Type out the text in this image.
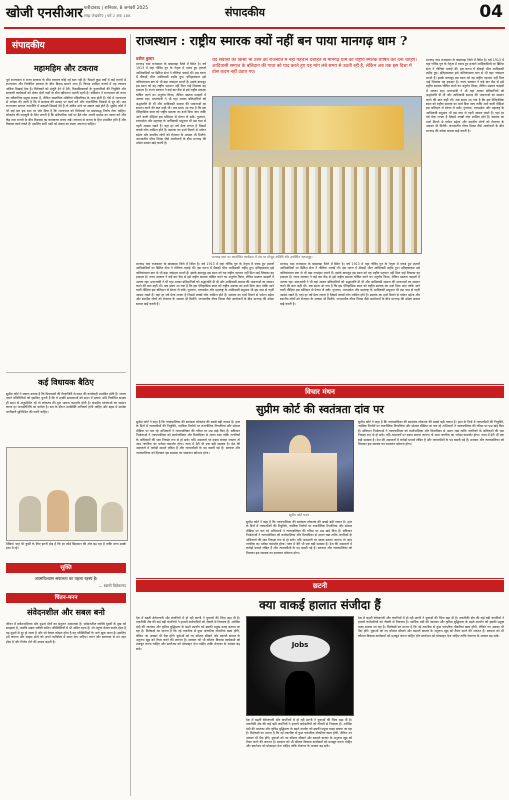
खोजी एनसीआर फरीदाबाद | शनिवार, 8 जनवरी 2025
सांझ लेखकीय | वर्ष 2 अंक 188	संपादकीय	04
संपादकीय
महामहिम और टकराव
पूर्व राज्यपाल व राज्य सरकार के बीच टकराव कोई नई बात नहीं है। पिछले कुछ वर्षों में कई राज्यों में राज्यपाल और निर्वाचित सरकार के बीच विवाद सामने आए हैं। विपक्ष शासित राज्यों में यह टकराव अधिक दिखाई देता है। विधेयकों को मंजूरी देने में देरी, विश्वविद्यालयों के कुलपतियों की नियुक्ति और सरकारी कार्यक्रमों को लेकर दोनों पक्षों के बीच खींचतान चलती रहती है। संविधान ने राज्यपाल को राज्य का संवैधानिक प्रमुख बनाया है, लेकिन वास्तविक शक्तियां मंत्रिपरिषद के पास होती हैं। ऐसे में राज्यपाल से अपेक्षा की जाती है कि वे सरकार की सलाह पर कार्य करें और राजनीतिक विवादों से दूर रहें। जब राज्यपाल दलगत राजनीति में उलझते दिखाई देते हैं तो संघीय ढांचे पर सवाल खड़े होते हैं। सुप्रीम कोर्ट ने भी कई बार इस बात पर जोर दिया है कि राज्यपाल को विधेयकों पर समयबद्ध निर्णय लेना चाहिए। लोकतंत्र की मजबूती के लिए जरूरी है कि संवैधानिक पदों पर बैठे लोग अपनी मर्यादा का पालन करें और केंद्र तथा राज्यों के बीच विश्वास का वातावरण बनाए रखें। टकराव से जनता के हित प्रभावित होते हैं और विकास कार्य रुकते हैं। इसलिए सभी पक्षों को संवाद का रास्ता अपनाना चाहिए।
कई विधायक बैठिए
सुप्रीम कोर्ट ने सवाल उठाया है कि विधायकों की गैरहाजिरी से सदन की कार्यवाही प्रभावित होती है। जनता अपने प्रतिनिधियों को इसलिए चुनती है कि वे उनकी समस्याओं को सदन में उठाएं। यदि निर्वाचित सदस्य ही सदन से अनुपस्थित रहें तो लोकतंत्र की मूल भावना कमजोर होती है। संसदीय परंपराओं का सम्मान करना हर जनप्रतिनिधि का कर्तव्य है। सत्र के दौरान उपस्थिति अनिवार्य होनी चाहिए और बहस में सार्थक भागीदारी सुनिश्चित की जानी चाहिए।
देखिए! यहां भी कुर्सी के लिए इतनी होड़ है कि हर कोई सिंहासन की ओर बढ़ रहा है ताकि सत्ता उसके हाथ में रहे।
सूक्ति
आत्मविश्वास सफलता का पहला रहस्य है।
— स्वामी विवेकानंद
चिंतन-मनन
संवेदनशील और सबल बनो
जीवन में संवेदनशीलता और दृढ़ता दोनों का संतुलन आवश्यक है। संवेदनशील व्यक्ति दूसरों के दुख को समझता है, जबकि सबल व्यक्ति कठिन परिस्थितियों में भी अडिग रहता है। जो मनुष्य केवल कठोर होता है वह दूसरों से दूर हो जाता है और जो केवल कोमल होता है वह परिस्थितियों के आगे झुक जाता है। इसलिए हमें करुणा और साहस दोनों को अपने व्यक्तित्व में स्थान देना चाहिए। ध्यान और स्वाध्याय से मन शांत होता है और निर्णय लेने की क्षमता बढ़ती है।
राजस्थान : राष्ट्रीय स्मारक क्यों नहीं बन पाया मानगढ़ धाम ?
प्रवीण कुमार
मानगढ़ धाम राजस्थान के बांसवाड़ा जिले में स्थित है। वर्ष 1913 में यहां गोविंद गुरु के नेतृत्व में एकत्र हुए हजारों आदिवासियों पर ब्रिटिश सेना ने गोलियां चलाई थीं। इस घटना में सैकड़ों भील आदिवासी शहीद हुए। इतिहासकार इसे जलियांवाला बाग से भी बड़ा नरसंहार मानते हैं। इसके बावजूद इस स्थल को वह राष्ट्रीय पहचान नहीं मिल पाई जिसका वह हकदार है। राज्य सरकार ने कई बार केंद्र से इसे राष्ट्रीय स्मारक घोषित करने का अनुरोध किया, लेकिन प्रस्ताव फाइलों में अटका रहा। प्रधानमंत्री ने भी यहां आकर बलिदानियों को श्रद्धांजलि दी थी और आदिवासी समाज की भावनाओं का सम्मान करने की बात कही थी। अब समय आ गया है कि इस ऐतिहासिक स्थल को राष्ट्रीय स्मारक का दर्जा दिया जाए ताकि आने वाली पीढ़ियां इस बलिदान से प्रेरणा ले सकें। गुजरात, मध्यप्रदेश और महाराष्ट्र के आदिवासी समुदाय भी इस धाम से गहरी आस्था रखते हैं। यहां हर वर्ष मेला लगता है जिसमें लाखों लोग शामिल होते हैं। स्मारक का दर्जा मिलने से पर्यटन बढ़ेगा और स्थानीय लोगों को रोजगार के अवसर भी मिलेंगे। जनजातीय गौरव दिवस जैसे आयोजनों के बीच मानगढ़ की उपेक्षा सवाल खड़े करती है।
चंद सवालों का किसी भी उत्तर की राजनीति में नहीं पहचान देशहित से मानगढ़ धाम को राष्ट्रीय स्मारक घोषित कर देना चाहिए। आदिवासी समाज के बलिदान की गाथा को याद करते हुए यह मांग लंबे समय से उठती रही है, लेकिन अब तक इस दिशा में ठोस कदम नहीं उठाए गए।
मानगढ़ धाम पर आयोजित कार्यक्रम में मंच पर मौजूद अतिथि और उपस्थित जनसमूह।
मानगढ़ धाम राजस्थान के बांसवाड़ा जिले में स्थित है। वर्ष 1913 में यहां गोविंद गुरु के नेतृत्व में एकत्र हुए हजारों आदिवासियों पर ब्रिटिश सेना ने गोलियां चलाई थीं। इस घटना में सैकड़ों भील आदिवासी शहीद हुए। इतिहासकार इसे जलियांवाला बाग से भी बड़ा नरसंहार मानते हैं। इसके बावजूद इस स्थल को वह राष्ट्रीय पहचान नहीं मिल पाई जिसका वह हकदार है। राज्य सरकार ने कई बार केंद्र से इसे राष्ट्रीय स्मारक घोषित करने का अनुरोध किया, लेकिन प्रस्ताव फाइलों में अटका रहा। प्रधानमंत्री ने भी यहां आकर बलिदानियों को श्रद्धांजलि दी थी और आदिवासी समाज की भावनाओं का सम्मान करने की बात कही थी। अब समय आ गया है कि इस ऐतिहासिक स्थल को राष्ट्रीय स्मारक का दर्जा दिया जाए ताकि आने वाली पीढ़ियां इस बलिदान से प्रेरणा ले सकें। गुजरात, मध्यप्रदेश और महाराष्ट्र के आदिवासी समुदाय भी इस धाम से गहरी आस्था रखते हैं। यहां हर वर्ष मेला लगता है जिसमें लाखों लोग शामिल होते हैं। स्मारक का दर्जा मिलने से पर्यटन बढ़ेगा और स्थानीय लोगों को रोजगार के अवसर भी मिलेंगे। जनजातीय गौरव दिवस जैसे आयोजनों के बीच मानगढ़ की उपेक्षा सवाल खड़े करती है।
मानगढ़ धाम राजस्थान के बांसवाड़ा जिले में स्थित है। वर्ष 1913 में यहां गोविंद गुरु के नेतृत्व में एकत्र हुए हजारों आदिवासियों पर ब्रिटिश सेना ने गोलियां चलाई थीं। इस घटना में सैकड़ों भील आदिवासी शहीद हुए। इतिहासकार इसे जलियांवाला बाग से भी बड़ा नरसंहार मानते हैं। इसके बावजूद इस स्थल को वह राष्ट्रीय पहचान नहीं मिल पाई जिसका वह हकदार है। राज्य सरकार ने कई बार केंद्र से इसे राष्ट्रीय स्मारक घोषित करने का अनुरोध किया, लेकिन प्रस्ताव फाइलों में अटका रहा। प्रधानमंत्री ने भी यहां आकर बलिदानियों को श्रद्धांजलि दी थी और आदिवासी समाज की भावनाओं का सम्मान करने की बात कही थी। अब समय आ गया है कि इस ऐतिहासिक स्थल को राष्ट्रीय स्मारक का दर्जा दिया जाए ताकि आने वाली पीढ़ियां इस बलिदान से प्रेरणा ले सकें। गुजरात, मध्यप्रदेश और महाराष्ट्र के आदिवासी समुदाय भी इस धाम से गहरी आस्था रखते हैं। यहां हर वर्ष मेला लगता है जिसमें लाखों लोग शामिल होते हैं। स्मारक का दर्जा मिलने से पर्यटन बढ़ेगा और स्थानीय लोगों को रोजगार के अवसर भी मिलेंगे। जनजातीय गौरव दिवस जैसे आयोजनों के बीच मानगढ़ की उपेक्षा सवाल खड़े करती है।
मानगढ़ धाम राजस्थान के बांसवाड़ा जिले में स्थित है। वर्ष 1913 में यहां गोविंद गुरु के नेतृत्व में एकत्र हुए हजारों आदिवासियों पर ब्रिटिश सेना ने गोलियां चलाई थीं। इस घटना में सैकड़ों भील आदिवासी शहीद हुए। इतिहासकार इसे जलियांवाला बाग से भी बड़ा नरसंहार मानते हैं। इसके बावजूद इस स्थल को वह राष्ट्रीय पहचान नहीं मिल पाई जिसका वह हकदार है। राज्य सरकार ने कई बार केंद्र से इसे राष्ट्रीय स्मारक घोषित करने का अनुरोध किया, लेकिन प्रस्ताव फाइलों में अटका रहा। प्रधानमंत्री ने भी यहां आकर बलिदानियों को श्रद्धांजलि दी थी और आदिवासी समाज की भावनाओं का सम्मान करने की बात कही थी। अब समय आ गया है कि इस ऐतिहासिक स्थल को राष्ट्रीय स्मारक का दर्जा दिया जाए ताकि आने वाली पीढ़ियां इस बलिदान से प्रेरणा ले सकें। गुजरात, मध्यप्रदेश और महाराष्ट्र के आदिवासी समुदाय भी इस धाम से गहरी आस्था रखते हैं। यहां हर वर्ष मेला लगता है जिसमें लाखों लोग शामिल होते हैं। स्मारक का दर्जा मिलने से पर्यटन बढ़ेगा और स्थानीय लोगों को रोजगार के अवसर भी मिलेंगे। जनजातीय गौरव दिवस जैसे आयोजनों के बीच मानगढ़ की उपेक्षा सवाल खड़े करती है।
विचार मंथन
सुप्रीम कोर्ट की स्वतंत्रता दांव पर
सुप्रीम कोर्ट ने कहा है कि न्यायपालिका की स्वतंत्रता लोकतंत्र की सबसे बड़ी ताकत है। हाल के दिनों में न्यायाधीशों की नियुक्ति, न्यायिक निर्णयों पर राजनीतिक टिप्पणियां और सोशल मीडिया पर चल रहे अभियानों ने न्यायपालिका की गरिमा पर प्रश्न खड़े किए हैं। संविधान निर्माताओं ने न्यायपालिका को कार्यपालिका और विधायिका से अलग रखा ताकि नागरिकों के अधिकारों की रक्षा निष्पक्ष रूप से हो सके। यदि अदालतों पर दबाव बनाया जाएगा तो आम नागरिक का भरोसा कमजोर होगा। न्याय में देरी भी एक बड़ी समस्या है। देश की अदालतों में करोड़ों मामले लंबित हैं और न्यायाधीशों के पद खाली पड़े हैं। सरकार और न्यायपालिका को मिलकर इस समस्या का समाधान खोजना होगा।
सुप्रीम कोर्ट भवन
सुप्रीम कोर्ट ने कहा है कि न्यायपालिका की स्वतंत्रता लोकतंत्र की सबसे बड़ी ताकत है। हाल के दिनों में न्यायाधीशों की नियुक्ति, न्यायिक निर्णयों पर राजनीतिक टिप्पणियां और सोशल मीडिया पर चल रहे अभियानों ने न्यायपालिका की गरिमा पर प्रश्न खड़े किए हैं। संविधान निर्माताओं ने न्यायपालिका को कार्यपालिका और विधायिका से अलग रखा ताकि नागरिकों के अधिकारों की रक्षा निष्पक्ष रूप से हो सके। यदि अदालतों पर दबाव बनाया जाएगा तो आम नागरिक का भरोसा कमजोर होगा। न्याय में देरी भी एक बड़ी समस्या है। देश की अदालतों में करोड़ों मामले लंबित हैं और न्यायाधीशों के पद खाली पड़े हैं। सरकार और न्यायपालिका को मिलकर इस समस्या का समाधान खोजना होगा।
सुप्रीम कोर्ट ने कहा है कि न्यायपालिका की स्वतंत्रता लोकतंत्र की सबसे बड़ी ताकत है। हाल के दिनों में न्यायाधीशों की नियुक्ति, न्यायिक निर्णयों पर राजनीतिक टिप्पणियां और सोशल मीडिया पर चल रहे अभियानों ने न्यायपालिका की गरिमा पर प्रश्न खड़े किए हैं। संविधान निर्माताओं ने न्यायपालिका को कार्यपालिका और विधायिका से अलग रखा ताकि नागरिकों के अधिकारों की रक्षा निष्पक्ष रूप से हो सके। यदि अदालतों पर दबाव बनाया जाएगा तो आम नागरिक का भरोसा कमजोर होगा। न्याय में देरी भी एक बड़ी समस्या है। देश की अदालतों में करोड़ों मामले लंबित हैं और न्यायाधीशों के पद खाली पड़े हैं। सरकार और न्यायपालिका को मिलकर इस समस्या का समाधान खोजना होगा।
छटनी
क्या वाकई हालात संजीदा हैं
देश में बढ़ती बेरोजगारी और कंपनियों में हो रही छंटनी ने युवाओं की चिंता बढ़ा दी है। तकनीकी क्षेत्र की कई बड़ी कंपनियों ने हजारों कर्मचारियों को नौकरी से निकाला है। आर्थिक मंदी की आशंका और कृत्रिम बुद्धिमत्ता के बढ़ते उपयोग को इसकी प्रमुख वजह बताया जा रहा है। विशेषज्ञों का मानना है कि नई तकनीक से कुछ पारंपरिक नौकरियां खत्म होंगी, लेकिन नए अवसर भी पैदा होंगे। युवाओं को नए कौशल सीखने और बदलते बाजार के अनुरूप खुद को तैयार करने की जरूरत है। सरकार को भी कौशल विकास कार्यक्रमों को मजबूत करना चाहिए और स्टार्टअप को प्रोत्साहन देना चाहिए ताकि रोजगार के अवसर बढ़ सकें।
Jobs
देश में बढ़ती बेरोजगारी और कंपनियों में हो रही छंटनी ने युवाओं की चिंता बढ़ा दी है। तकनीकी क्षेत्र की कई बड़ी कंपनियों ने हजारों कर्मचारियों को नौकरी से निकाला है। आर्थिक मंदी की आशंका और कृत्रिम बुद्धिमत्ता के बढ़ते उपयोग को इसकी प्रमुख वजह बताया जा रहा है। विशेषज्ञों का मानना है कि नई तकनीक से कुछ पारंपरिक नौकरियां खत्म होंगी, लेकिन नए अवसर भी पैदा होंगे। युवाओं को नए कौशल सीखने और बदलते बाजार के अनुरूप खुद को तैयार करने की जरूरत है। सरकार को भी कौशल विकास कार्यक्रमों को मजबूत करना चाहिए और स्टार्टअप को प्रोत्साहन देना चाहिए ताकि रोजगार के अवसर बढ़ सकें।
देश में बढ़ती बेरोजगारी और कंपनियों में हो रही छंटनी ने युवाओं की चिंता बढ़ा दी है। तकनीकी क्षेत्र की कई बड़ी कंपनियों ने हजारों कर्मचारियों को नौकरी से निकाला है। आर्थिक मंदी की आशंका और कृत्रिम बुद्धिमत्ता के बढ़ते उपयोग को इसकी प्रमुख वजह बताया जा रहा है। विशेषज्ञों का मानना है कि नई तकनीक से कुछ पारंपरिक नौकरियां खत्म होंगी, लेकिन नए अवसर भी पैदा होंगे। युवाओं को नए कौशल सीखने और बदलते बाजार के अनुरूप खुद को तैयार करने की जरूरत है। सरकार को भी कौशल विकास कार्यक्रमों को मजबूत करना चाहिए और स्टार्टअप को प्रोत्साहन देना चाहिए ताकि रोजगार के अवसर बढ़ सकें।
